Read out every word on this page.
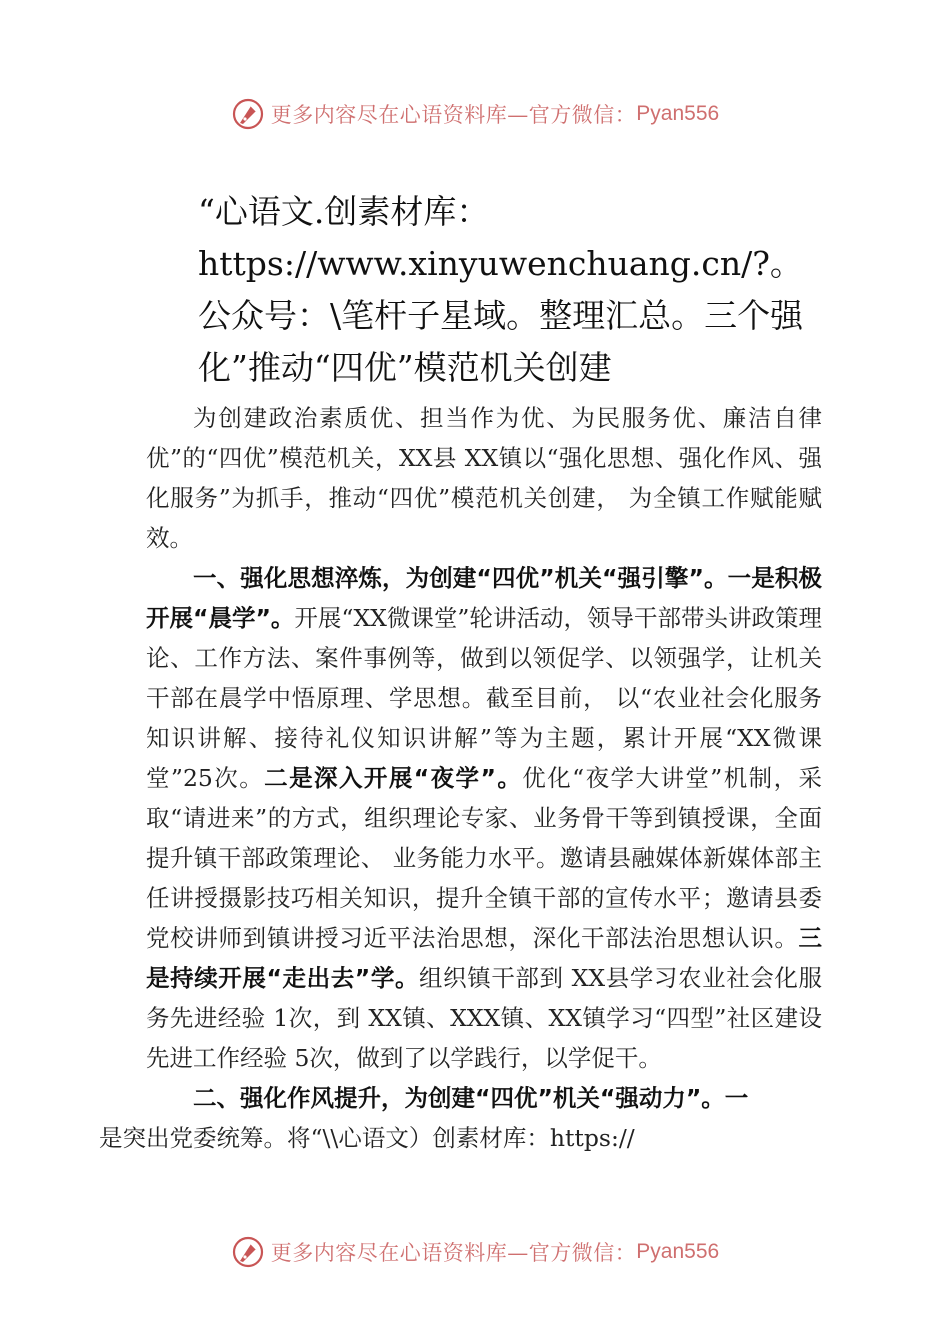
更多内容尽在心语资料库—官方微信： Pyan556
“心语文.创素材库：https://www.xinyuwenchuang.cn/?。公众号：\笔杆子星域。整理汇总。三个强化”推动“四优”模范机关创建

为创建政治素质优、担当作为优、为民服务优、廉洁自律优”的“四优”模范机关，XX县 XX镇以“强化思想、强化作风、强化服务”为抓手，推动“四优”模范机关创建， 为全镇工作赋能赋效。

一、强化思想淬炼，为创建“四优”机关“强引擎”。一是积极开展“晨学”。开展“XX微课堂”轮讲活动，领导干部带头讲政策理论、工作方法、案件事例等，做到以领促学、以领强学，让机关干部在晨学中悟原理、学思想。截至目前， 以“农业社会化服务知识讲解、接待礼仪知识讲解”等为主题，累计开展“XX微课堂”25次。二是深入开展“夜学”。优化“夜学大讲堂”机制，采取“请进来”的方式，组织理论专家、业务骨干等到镇授课，全面提升镇干部政策理论、 业务能力水平。邀请县融媒体新媒体部主任讲授摄影技巧相关知识，提升全镇干部的宣传水平；邀请县委党校讲师到镇讲授习近平法治思想，深化干部法治思想认识。三是持续开展“走出去”学。组织镇干部到 XX县学习农业社会化服务先进经验 1次，到 XX镇、XXX镇、XX镇学习“四型”社区建设先进工作经验 5次，做到了以学践行，以学促干。

二、强化作风提升，为创建“四优”机关“强动力”。一
是突出党委统筹。将“\\心语文）创素材库：https://

更多内容尽在心语资料库—官方微信： Pyan556
